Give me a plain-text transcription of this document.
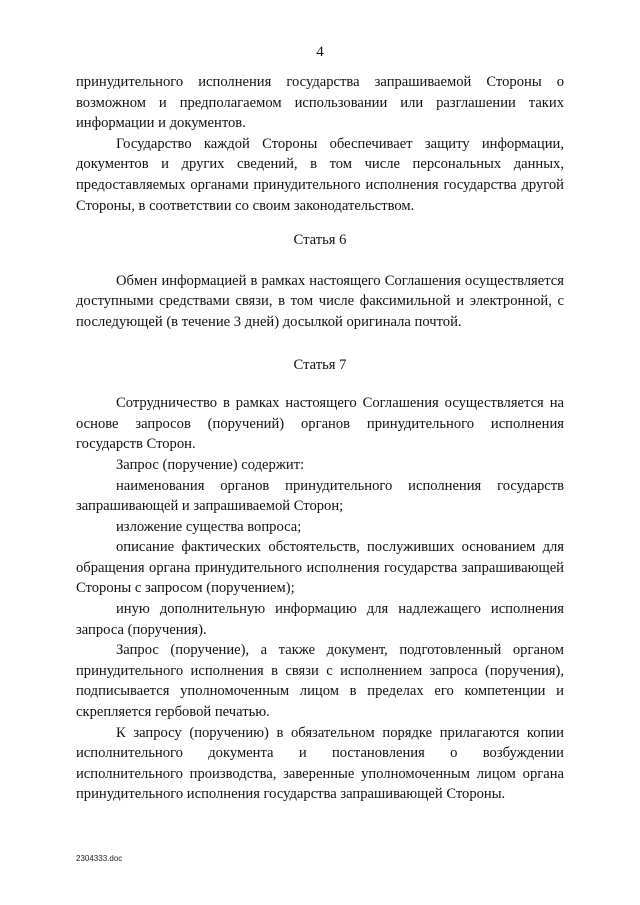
4

принудительного исполнения государства запрашиваемой Стороны о возможном и предполагаемом использовании или разглашении таких информации и документов.

Государство каждой Стороны обеспечивает защиту информации, документов и других сведений, в том числе персональных данных, предоставляемых органами принудительного исполнения государства другой Стороны, в соответствии со своим законодательством.

Статья 6

Обмен информацией в рамках настоящего Соглашения осуществляется доступными средствами связи, в том числе факсимильной и электронной, с последующей (в течение 3 дней) досылкой оригинала почтой.

Статья 7

Сотрудничество в рамках настоящего Соглашения осуществляется на основе запросов (поручений) органов принудительного исполнения государств Сторон.

Запрос (поручение) содержит:

наименования органов принудительного исполнения государств запрашивающей и запрашиваемой Сторон;

изложение существа вопроса;

описание фактических обстоятельств, послуживших основанием для обращения органа принудительного исполнения государства запрашивающей Стороны с запросом (поручением);

иную дополнительную информацию для надлежащего исполнения запроса (поручения).

Запрос (поручение), а также документ, подготовленный органом принудительного исполнения в связи с исполнением запроса (поручения), подписывается уполномоченным лицом в пределах его компетенции и скрепляется гербовой печатью.

К запросу (поручению) в обязательном порядке прилагаются копии исполнительного документа и постановления о возбуждении исполнительного производства, заверенные уполномоченным лицом органа принудительного исполнения государства запрашивающей Стороны.

2304333.doc
